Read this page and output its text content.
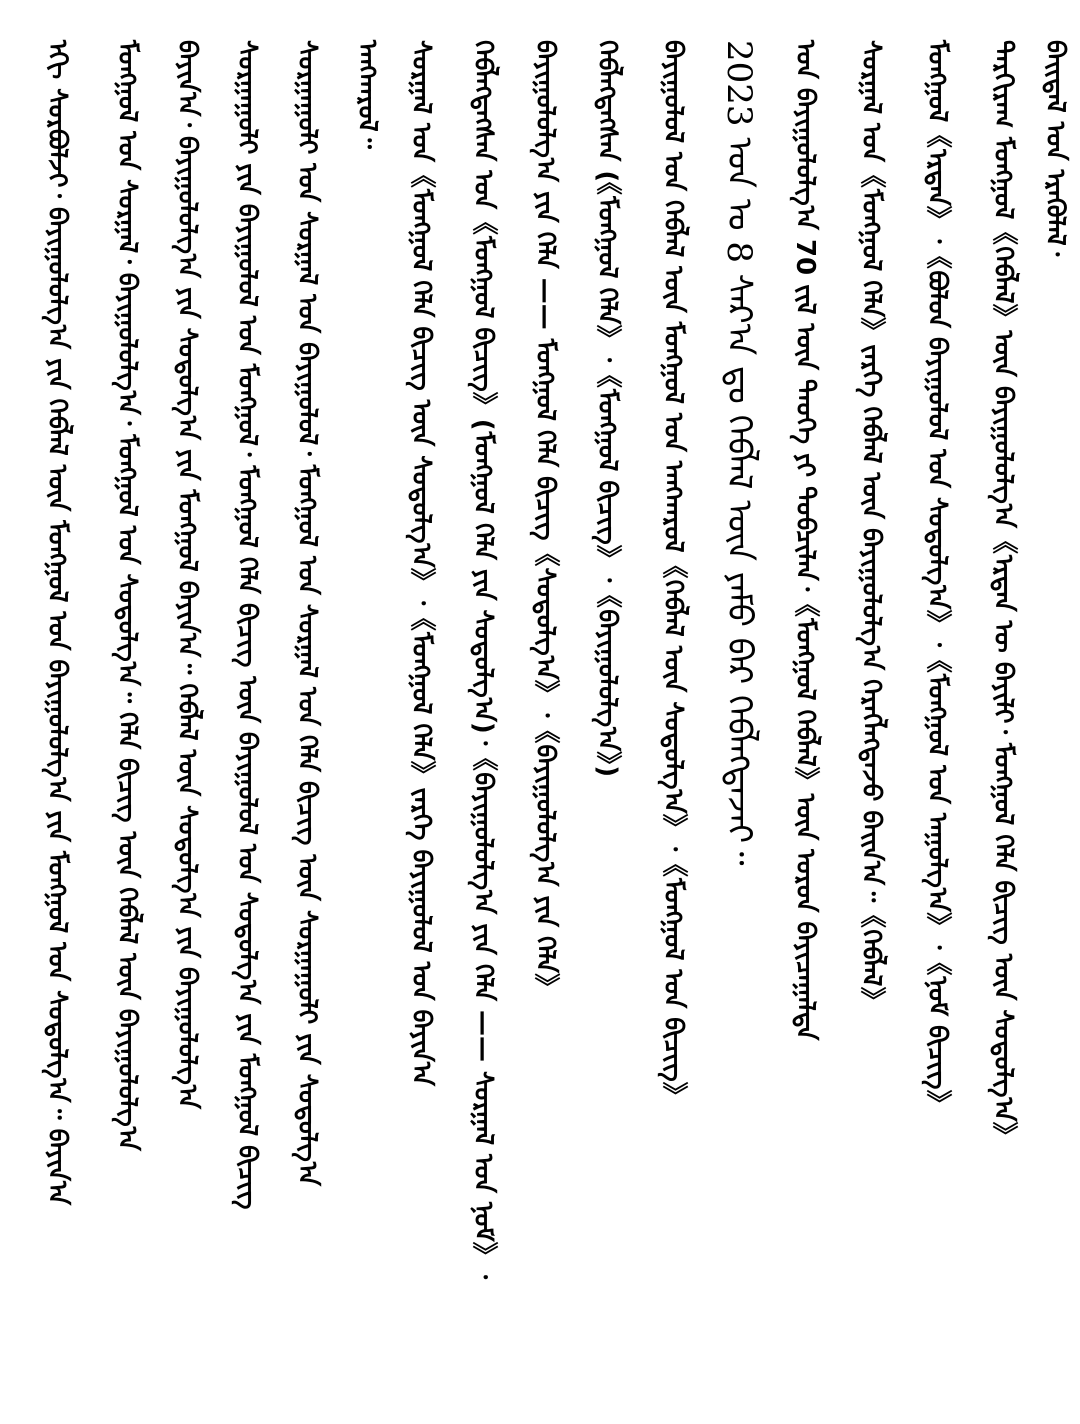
ᠪᠠᠢᠳᠠᠯ ᠤᠨ ᠡᠷᠡᠭᠦᠯᠡᠯ᠂
ᠲᠠᠷᠭᠢᠷᠠᠭ ᠮᠣᠩᠭᠣᠯ《ᠬᠡᠪᠯᠡᠯ》ᠦᠨ ᠪᠠᠶᠢᠭᠤᠯᠤᠯᠭ᠎ᠠ《ᠡᠷᠲᠡᠨ ᠦ ᠪᠠᠶᠢᠯᠢ᠂ ᠮᠣᠩᠭᠣᠯ ᠬᠡᠯᠡ ᠪᠢᠴᠢᠭ᠌ ᠦᠨ ᠰᠤᠳᠤᠯᠭ᠎ᠠ》
ᠮᠣᠩᠭᠣᠯ《ᠡᠷᠲᠡᠨ》᠂《ᠪᠣᠯᠤᠨ ᠪᠠᠶᠢᠭᠤᠯᠤᠯ ᠤᠨ ᠰᠤᠳᠤᠯᠭ᠎ᠠ》᠂《ᠮᠣᠩᠭᠣᠯ ᠤᠨ ᠠᠭᠤᠯᠭ᠎ᠠ》᠂《ᠨᠣᠮ ᠪᠢᠴᠢᠭ᠌》
ᠰᠤᠷᠭᠠᠯ ᠤᠨ《ᠮᠣᠩᠭᠣᠯ ᠬᠡᠯᠡ》ᠵᠡᠷᠭᠡ ᠬᠡᠪᠯᠡᠯ ᠦᠨ ᠪᠠᠶᠢᠭᠤᠯᠤᠯᠭ᠎ᠠ ᠬᠡᠷᠡᠭᠯᠡᠭᠳᠡᠵᠦ ᠪᠠᠢᠨ᠎ᠠ᠃《ᠬᠡᠪᠯᠡᠯ》
ᠤᠨ ᠪᠠᠶᠢᠭᠤᠯᠤᠯᠭ᠎ᠠ 70 ᠵᠢᠯ ᠦᠨ ᠲᠡᠦᠬᠡ ᠶᠢ ᠲᠣᠪᠴᠢᠯᠠᠨ᠂《ᠮᠣᠩᠭᠣᠯ ᠬᠡᠪᠯᠡᠯ》ᠦᠨ ᠣᠷᠣᠨ ᠪᠠᠶᠢᠴᠠᠭᠠᠯᠲᠠ
2023 ᠣᠨ ᠤ 8 ᠰᠠᠷ᠎ᠠ ᠳᠤ ᠬᠡᠪᠯᠡᠯ ᠦᠨ ᠶᠠᠮᠤ ᠪᠠᠷ ᠬᠡᠪᠯᠡᠭᠳᠡᠵᠡᠢ᠃
ᠪᠠᠶᠢᠭᠤᠯᠤᠯ ᠤᠨ ᠬᠡᠪᠯᠡᠯ ᠦᠨ ᠮᠣᠩᠭᠣᠯ ᠤᠨ ᠠᠩᠬᠠᠷᠤᠯ《ᠬᠡᠪᠯᠡᠯ ᠦᠨ ᠰᠤᠳᠤᠯᠭ᠎ᠠ》᠂《ᠮᠣᠩᠭᠣᠯ ᠤᠨ ᠪᠢᠴᠢᠭ᠌》
ᠬᠡᠪᠯᠡᠭᠳᠡᠭᠰᠡᠨ (《ᠮᠣᠩᠭᠣᠯ ᠬᠡᠯᠡ》᠂《ᠮᠣᠩᠭᠣᠯ ᠪᠢᠴᠢᠭ᠌》᠂《ᠪᠠᠶᠢᠭᠤᠯᠤᠯᠭ᠎ᠠ》)
ᠪᠠᠶᠢᠭᠤᠯᠤᠯᠭ᠎ᠠ ᠶᠢᠨ ᠬᠡᠯᠡ —— ᠮᠣᠩᠭᠣᠯ ᠬᠡᠯᠡ ᠪᠢᠴᠢᠭ᠌《ᠰᠤᠳᠤᠯᠭ᠎ᠠ》᠂《ᠪᠠᠶᠢᠭᠤᠯᠤᠯᠭ᠎ᠠ ᠶᠢᠨ ᠬᠡᠯᠡ》
ᠬᠡᠪᠯᠡᠭᠳᠡᠭᠰᠡᠨ ᠤᠨ《ᠮᠣᠩᠭᠣᠯ ᠪᠢᠴᠢᠭ᠌》(ᠮᠣᠩᠭᠣᠯ ᠬᠡᠯᠡ ᠶᠢᠨ ᠰᠤᠳᠤᠯᠭ᠎ᠠ)᠂《ᠪᠠᠶᠢᠭᠤᠯᠤᠯᠭ᠎ᠠ ᠶᠢᠨ ᠬᠡᠯᠡ —— ᠰᠤᠷᠭᠠᠯ ᠤᠨ ᠨᠣᠮ》᠂
ᠰᠤᠷᠭᠠᠯ ᠤᠨ《ᠮᠣᠩᠭᠣᠯ ᠬᠡᠯᠡ ᠪᠢᠴᠢᠭ᠌ ᠦᠨ ᠰᠤᠳᠤᠯᠭ᠎ᠠ》᠂《ᠮᠣᠩᠭᠣᠯ ᠬᠡᠯᠡ》ᠵᠡᠷᠭᠡ ᠪᠠᠶᠢᠭᠤᠯᠤᠯ ᠤᠨ ᠪᠠᠶᠢᠨ᠎ᠠ
ᠠᠩᠬᠠᠷᠤᠯ᠃
ᠰᠤᠷᠭᠠᠭᠤᠯᠢ ᠤᠨ ᠰᠤᠷᠭᠠᠯ ᠤᠨ ᠪᠠᠶᠢᠭᠤᠯᠤᠯ᠂ ᠮᠣᠩᠭᠣᠯ ᠤᠨ ᠰᠤᠷᠭᠠᠯ ᠤᠨ ᠬᠡᠯᠡ ᠪᠢᠴᠢᠭ᠌ ᠦᠨ ᠰᠤᠷᠭᠠᠭᠤᠯᠢ ᠶᠢᠨ ᠰᠤᠳᠤᠯᠭ᠎ᠠ
ᠰᠤᠷᠭᠠᠭᠤᠯᠢ ᠶᠢᠨ ᠪᠠᠶᠢᠭᠤᠯᠤᠯ ᠤᠨ ᠮᠣᠩᠭᠣᠯ᠂ ᠮᠣᠩᠭᠣᠯ ᠬᠡᠯᠡ ᠪᠢᠴᠢᠭ᠌ ᠦᠨ ᠪᠠᠶᠢᠭᠤᠯᠤᠯ ᠤᠨ ᠰᠤᠳᠤᠯᠭ᠎ᠠ ᠶᠢᠨ ᠮᠣᠩᠭᠣᠯ ᠪᠢᠴᠢᠭ᠌
ᠪᠠᠶᠢᠨ᠎ᠠ᠂ ᠪᠠᠶᠢᠭᠤᠯᠤᠯᠭ᠎ᠠ ᠶᠢᠨ ᠰᠤᠳᠤᠯᠭ᠎ᠠ ᠶᠢᠨ ᠮᠣᠩᠭᠣᠯ ᠪᠠᠶᠢᠨ᠎ᠠ᠃ ᠬᠡᠪᠯᠡᠯ ᠦᠨ ᠰᠤᠳᠤᠯᠭ᠎ᠠ ᠶᠢᠨ ᠪᠠᠶᠢᠭᠤᠯᠤᠯᠭ᠎ᠠ
ᠮᠣᠩᠭᠣᠯ ᠤᠨ ᠰᠤᠷᠭᠠᠯ᠂ ᠪᠠᠶᠢᠭᠤᠯᠤᠯᠭ᠎ᠠ᠂ ᠮᠣᠩᠭᠣᠯ ᠤᠨ ᠰᠤᠳᠤᠯᠭ᠎ᠠ᠃ ᠬᠡᠯᠡ ᠪᠢᠴᠢᠭ᠌ ᠦᠨ ᠬᠡᠪᠯᠡᠯ ᠦᠨ ᠪᠠᠶᠢᠭᠤᠯᠤᠯᠭ᠎ᠠ
ᠡᠬᠢ ᠰᠤᠷᠪᠤᠯᠵᠢ᠂ ᠪᠠᠶᠢᠭᠤᠯᠤᠯᠭ᠎ᠠ ᠶᠢᠨ ᠬᠡᠪᠯᠡᠯ ᠦᠨ ᠮᠣᠩᠭᠣᠯ ᠤᠨ ᠪᠠᠶᠢᠭᠤᠯᠤᠯᠭ᠎ᠠ ᠶᠢᠨ ᠮᠣᠩᠭᠣᠯ ᠤᠨ ᠰᠤᠳᠤᠯᠭ᠎ᠠ᠃ ᠪᠠᠶᠢᠨ᠎ᠠ
